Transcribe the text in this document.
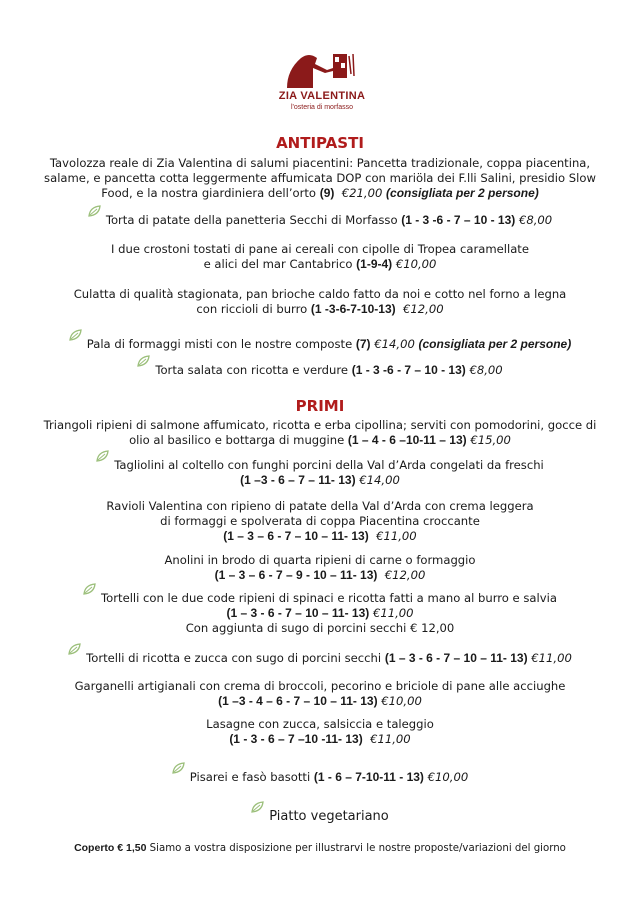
ZIA VALENTINA
l'osteria di morfasso
ANTIPASTI
Tavolozza reale di Zia Valentina di salumi piacentini: Pancetta tradizionale, coppa piacentina,
salame, e pancetta cotta leggermente affumicata DOP con mariöla dei F.lli Salini, presidio Slow
Food, e la nostra giardiniera dell’orto (9) €21,00 (consigliata per 2 persone)
Torta di patate della panetteria Secchi di Morfasso (1 - 3 -6 - 7 – 10 - 13) €8,00
I due crostoni tostati di pane ai cereali con cipolle di Tropea caramellate
e alici del mar Cantabrico (1-9-4) €10,00
Culatta di qualità stagionata, pan brioche caldo fatto da noi e cotto nel forno a legna
con riccioli di burro (1 -3-6-7-10-13) €12,00
Pala di formaggi misti con le nostre composte (7) €14,00 (consigliata per 2 persone)
Torta salata con ricotta e verdure (1 - 3 -6 - 7 – 10 - 13) €8,00
PRIMI
Triangoli ripieni di salmone affumicato, ricotta e erba cipollina; serviti con pomodorini, gocce di
olio al basilico e bottarga di muggine (1 – 4 - 6 –10-11 – 13) €15,00
Tagliolini al coltello con funghi porcini della Val d’Arda congelati da freschi
(1 –3 - 6 – 7 – 11- 13) €14,00
Ravioli Valentina con ripieno di patate della Val d’Arda con crema leggera
di formaggi e spolverata di coppa Piacentina croccante
(1 – 3 – 6 - 7 – 10 – 11- 13) €11,00
Anolini in brodo di quarta ripieni di carne o formaggio
(1 – 3 – 6 - 7 – 9 - 10 – 11- 13) €12,00
Tortelli con le due code ripieni di spinaci e ricotta fatti a mano al burro e salvia
(1 – 3 - 6 - 7 – 10 – 11- 13) €11,00
Con aggiunta di sugo di porcini secchi € 12,00
Tortelli di ricotta e zucca con sugo di porcini secchi (1 – 3 - 6 - 7 – 10 – 11- 13) €11,00
Garganelli artigianali con crema di broccoli, pecorino e briciole di pane alle acciughe
(1 –3 - 4 – 6 - 7 – 10 – 11- 13) €10,00
Lasagne con zucca, salsiccia e taleggio
(1 - 3 - 6 – 7 –10 -11- 13) €11,00
Pisarei e fasò basotti (1 - 6 – 7-10-11 - 13) €10,00
Piatto vegetariano
Coperto € 1,50 Siamo a vostra disposizione per illustrarvi le nostre proposte/variazioni del giorno
